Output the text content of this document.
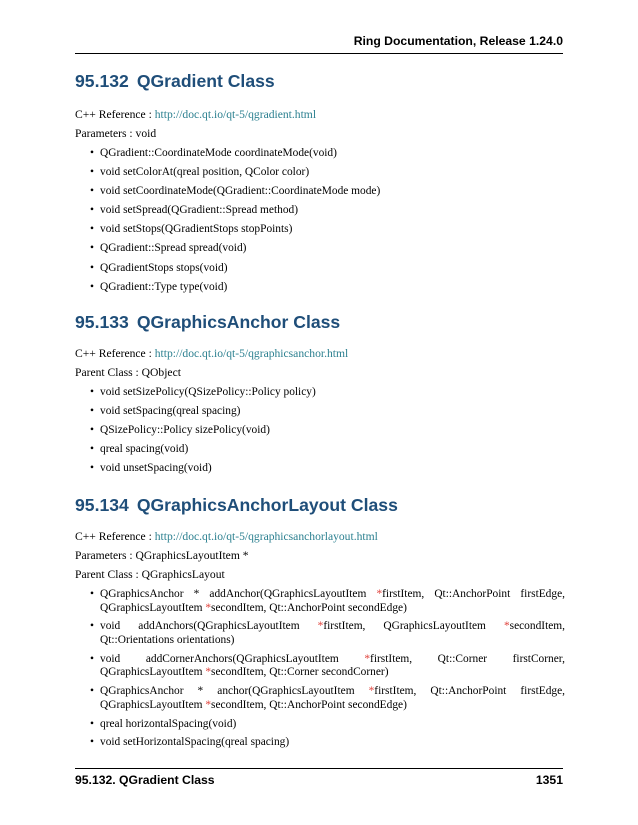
Ring Documentation, Release 1.24.0
95.132 QGradient Class
C++ Reference : http://doc.qt.io/qt-5/qgradient.html
Parameters : void
• QGradient::CoordinateMode coordinateMode(void)
• void setColorAt(qreal position, QColor color)
• void setCoordinateMode(QGradient::CoordinateMode mode)
• void setSpread(QGradient::Spread method)
• void setStops(QGradientStops stopPoints)
• QGradient::Spread spread(void)
• QGradientStops stops(void)
• QGradient::Type type(void)
95.133 QGraphicsAnchor Class
C++ Reference : http://doc.qt.io/qt-5/qgraphicsanchor.html
Parent Class : QObject
• void setSizePolicy(QSizePolicy::Policy policy)
• void setSpacing(qreal spacing)
• QSizePolicy::Policy sizePolicy(void)
• qreal spacing(void)
• void unsetSpacing(void)
95.134 QGraphicsAnchorLayout Class
C++ Reference : http://doc.qt.io/qt-5/qgraphicsanchorlayout.html
Parameters : QGraphicsLayoutItem *
Parent Class : QGraphicsLayout
• QGraphicsAnchor * addAnchor(QGraphicsLayoutItem *firstItem, Qt::AnchorPoint firstEdge, QGraphicsLayoutItem *secondItem, Qt::AnchorPoint secondEdge)
• void addAnchors(QGraphicsLayoutItem *firstItem, QGraphicsLayoutItem *secondItem, Qt::Orientations orientations)
• void addCornerAnchors(QGraphicsLayoutItem *firstItem, Qt::Corner firstCorner, QGraphicsLayoutItem *secondItem, Qt::Corner secondCorner)
• QGraphicsAnchor * anchor(QGraphicsLayoutItem *firstItem, Qt::AnchorPoint firstEdge, QGraphicsLayoutItem *secondItem, Qt::AnchorPoint secondEdge)
• qreal horizontalSpacing(void)
• void setHorizontalSpacing(qreal spacing)
95.132. QGradient Class	1351
